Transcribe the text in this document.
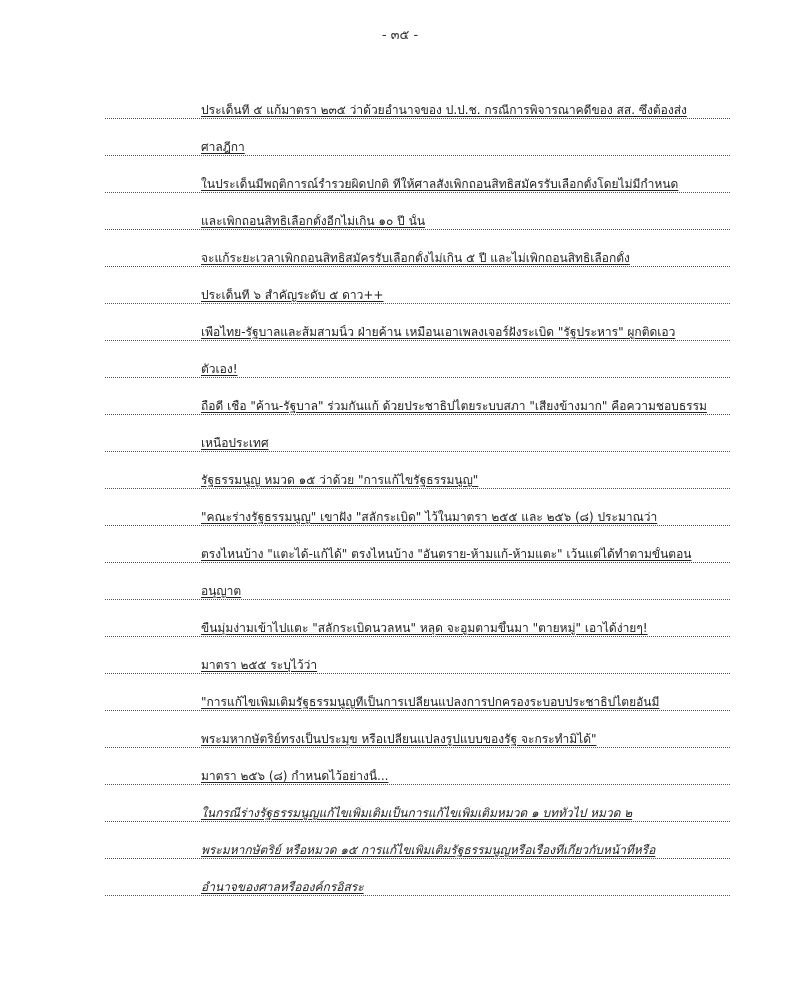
- ๓๕ -
ประเด็นที่ ๕ แก้มาตรา ๒๓๕ ว่าด้วยอำนาจของ ป.ป.ช. กรณีการพิจารณาคดีของ สส. ซึ่งต้องส่ง
ศาลฎีกา
ในประเด็นมีพฤติการณ์ร่ำรวยผิดปกติ ที่ให้ศาลสั่งเพิกถอนสิทธิสมัครรับเลือกตั้งโดยไม่มีกำหนด
และเพิกถอนสิทธิเลือกตั้งอีกไม่เกิน ๑๐ ปี นั้น
จะแก้ระยะเวลาเพิกถอนสิทธิสมัครรับเลือกตั้งไม่เกิน ๕ ปี และไม่เพิกถอนสิทธิเลือกตั้ง
ประเด็นที่ ๖ สำคัญระดับ ๕ ดาว++
เพื่อไทย-รัฐบาลและส้มสามนิ้ว ฝ่ายค้าน เหมือนเอาเพลงเจอร์ฝังระเบิด "รัฐประหาร" ผูกติดเอว
ตัวเอง!
ถือดี เชื่อ "ค้าน-รัฐบาล" ร่วมกันแก้ ด้วยประชาธิปไตยระบบสภา "เสียงข้างมาก" คือความชอบธรรม
เหนือประเทศ
รัฐธรรมนูญ หมวด ๑๕ ว่าด้วย "การแก้ไขรัฐธรรมนูญ"
"คณะร่างรัฐธรรมนูญ" เขาฝัง "สลักระเบิด" ไว้ในมาตรา ๒๕๕ และ ๒๕๖ (๘) ประมาณว่า
ตรงไหนบ้าง "แตะได้-แก้ได้" ตรงไหนบ้าง "อันตราย-ห้ามแก้-ห้ามแตะ" เว้นแต่ได้ทำตามขั้นตอน
อนุญาต
ขืนมุ่มง่ามเข้าไปแตะ "สลักระเบิดนวลหน" หลุด จะอูมตามขึ้นมา "ตายหมู่" เอาได้ง่ายๆ!
มาตรา ๒๕๕ ระบุไว้ว่า
"การแก้ไขเพิ่มเติมรัฐธรรมนูญที่เป็นการเปลี่ยนแปลงการปกครองระบอบประชาธิปไตยอันมี
พระมหากษัตริย์ทรงเป็นประมุข หรือเปลี่ยนแปลงรูปแบบของรัฐ จะกระทำมิได้"
มาตรา ๒๕๖ (๘) กำหนดไว้อย่างนี้...
ในกรณีร่างรัฐธรรมนูญแก้ไขเพิ่มเติมเป็นการแก้ไขเพิ่มเติมหมวด ๑ บททั่วไป หมวด ๒
พระมหากษัตริย์ หรือหมวด ๑๕ การแก้ไขเพิ่มเติมรัฐธรรมนูญหรือเรื่องที่เกี่ยวกับหน้าที่หรือ
อำนาจของศาลหรือองค์กรอิสระ
